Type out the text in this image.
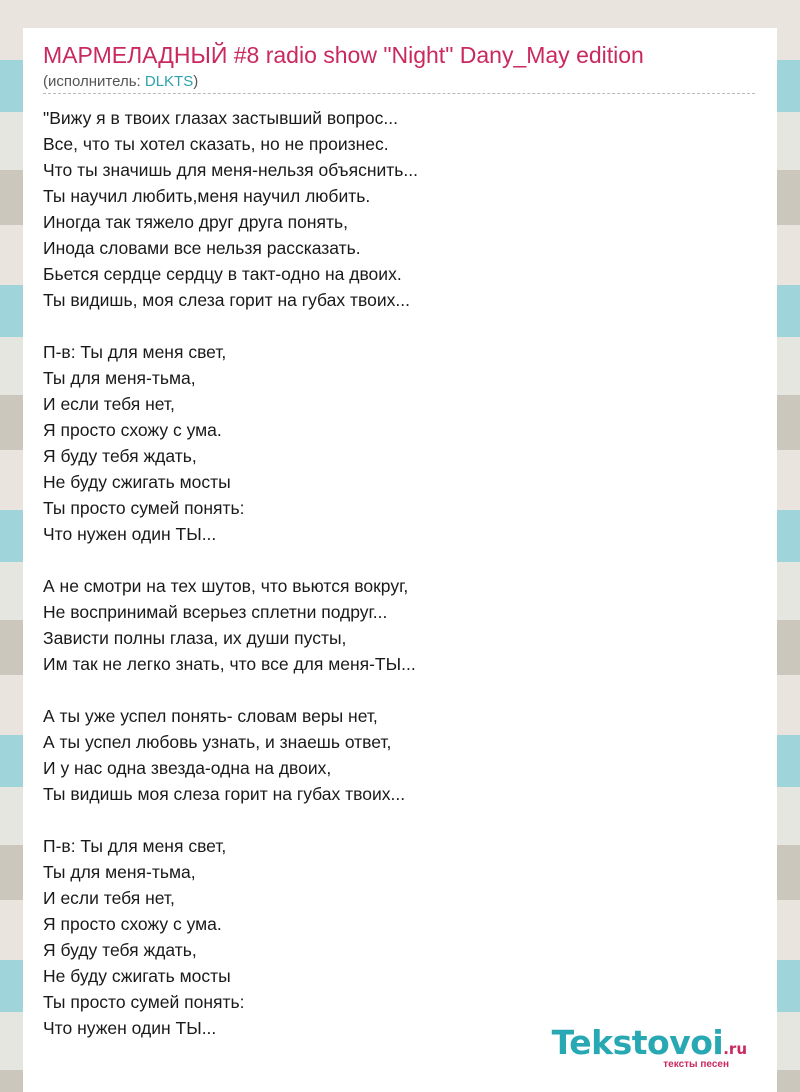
МАРМЕЛАДНЫЙ #8 radio show "Night" Dany_May edition
(исполнитель: DLKTS)
"Вижу я в твоих глазах застывший вопрос...
Все, что ты хотел сказать, но не произнес.
Что ты значишь для меня-нельзя объяснить...
Ты научил любить,меня научил любить.
Иногда так тяжело друг друга понять,
Инода словами все нельзя рассказать.
Бьется сердце сердцу в такт-одно на двоих.
Ты видишь, моя слеза горит на губах твоих...
П-в: Ты для меня свет,
Ты для меня-тьма,
И если тебя нет,
Я просто схожу с ума.
Я буду тебя ждать,
Не буду сжигать мосты
Ты просто сумей понять:
Что нужен один ТЫ...
А не смотри на тех шутов, что вьются вокруг,
Не воспринимай всерьез сплетни подруг...
Зависти полны глаза, их души пусты,
Им так не легко знать, что все для меня-ТЫ...
А ты уже успел понять- словам веры нет,
А ты успел любовь узнать, и знаешь ответ,
И у нас одна звезда-одна на двоих,
Ты видишь моя слеза горит на губах твоих...
П-в: Ты для меня свет,
Ты для меня-тьма,
И если тебя нет,
Я просто схожу с ума.
Я буду тебя ждать,
Не буду сжигать мосты
Ты просто сумей понять:
Что нужен один ТЫ...	Tekstovoi.ru
тексты песен
